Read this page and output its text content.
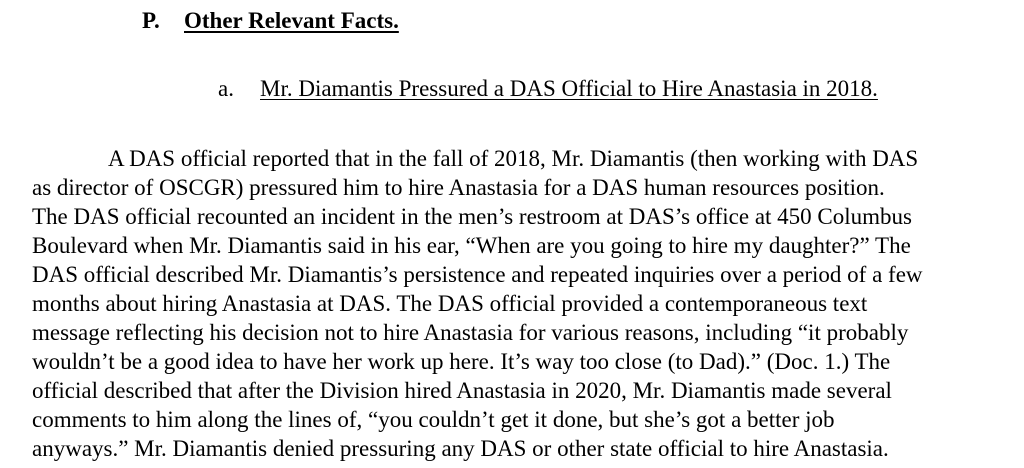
P. Other Relevant Facts.
a. Mr. Diamantis Pressured a DAS Official to Hire Anastasia in 2018.
A DAS official reported that in the fall of 2018, Mr. Diamantis (then working with DAS
as director of OSCGR) pressured him to hire Anastasia for a DAS human resources position.
The DAS official recounted an incident in the men’s restroom at DAS’s office at 450 Columbus
Boulevard when Mr. Diamantis said in his ear, “When are you going to hire my daughter?” The
DAS official described Mr. Diamantis’s persistence and repeated inquiries over a period of a few
months about hiring Anastasia at DAS. The DAS official provided a contemporaneous text
message reflecting his decision not to hire Anastasia for various reasons, including “it probably
wouldn’t be a good idea to have her work up here. It’s way too close (to Dad).” (Doc. 1.) The
official described that after the Division hired Anastasia in 2020, Mr. Diamantis made several
comments to him along the lines of, “you couldn’t get it done, but she’s got a better job
anyways.” Mr. Diamantis denied pressuring any DAS or other state official to hire Anastasia.
